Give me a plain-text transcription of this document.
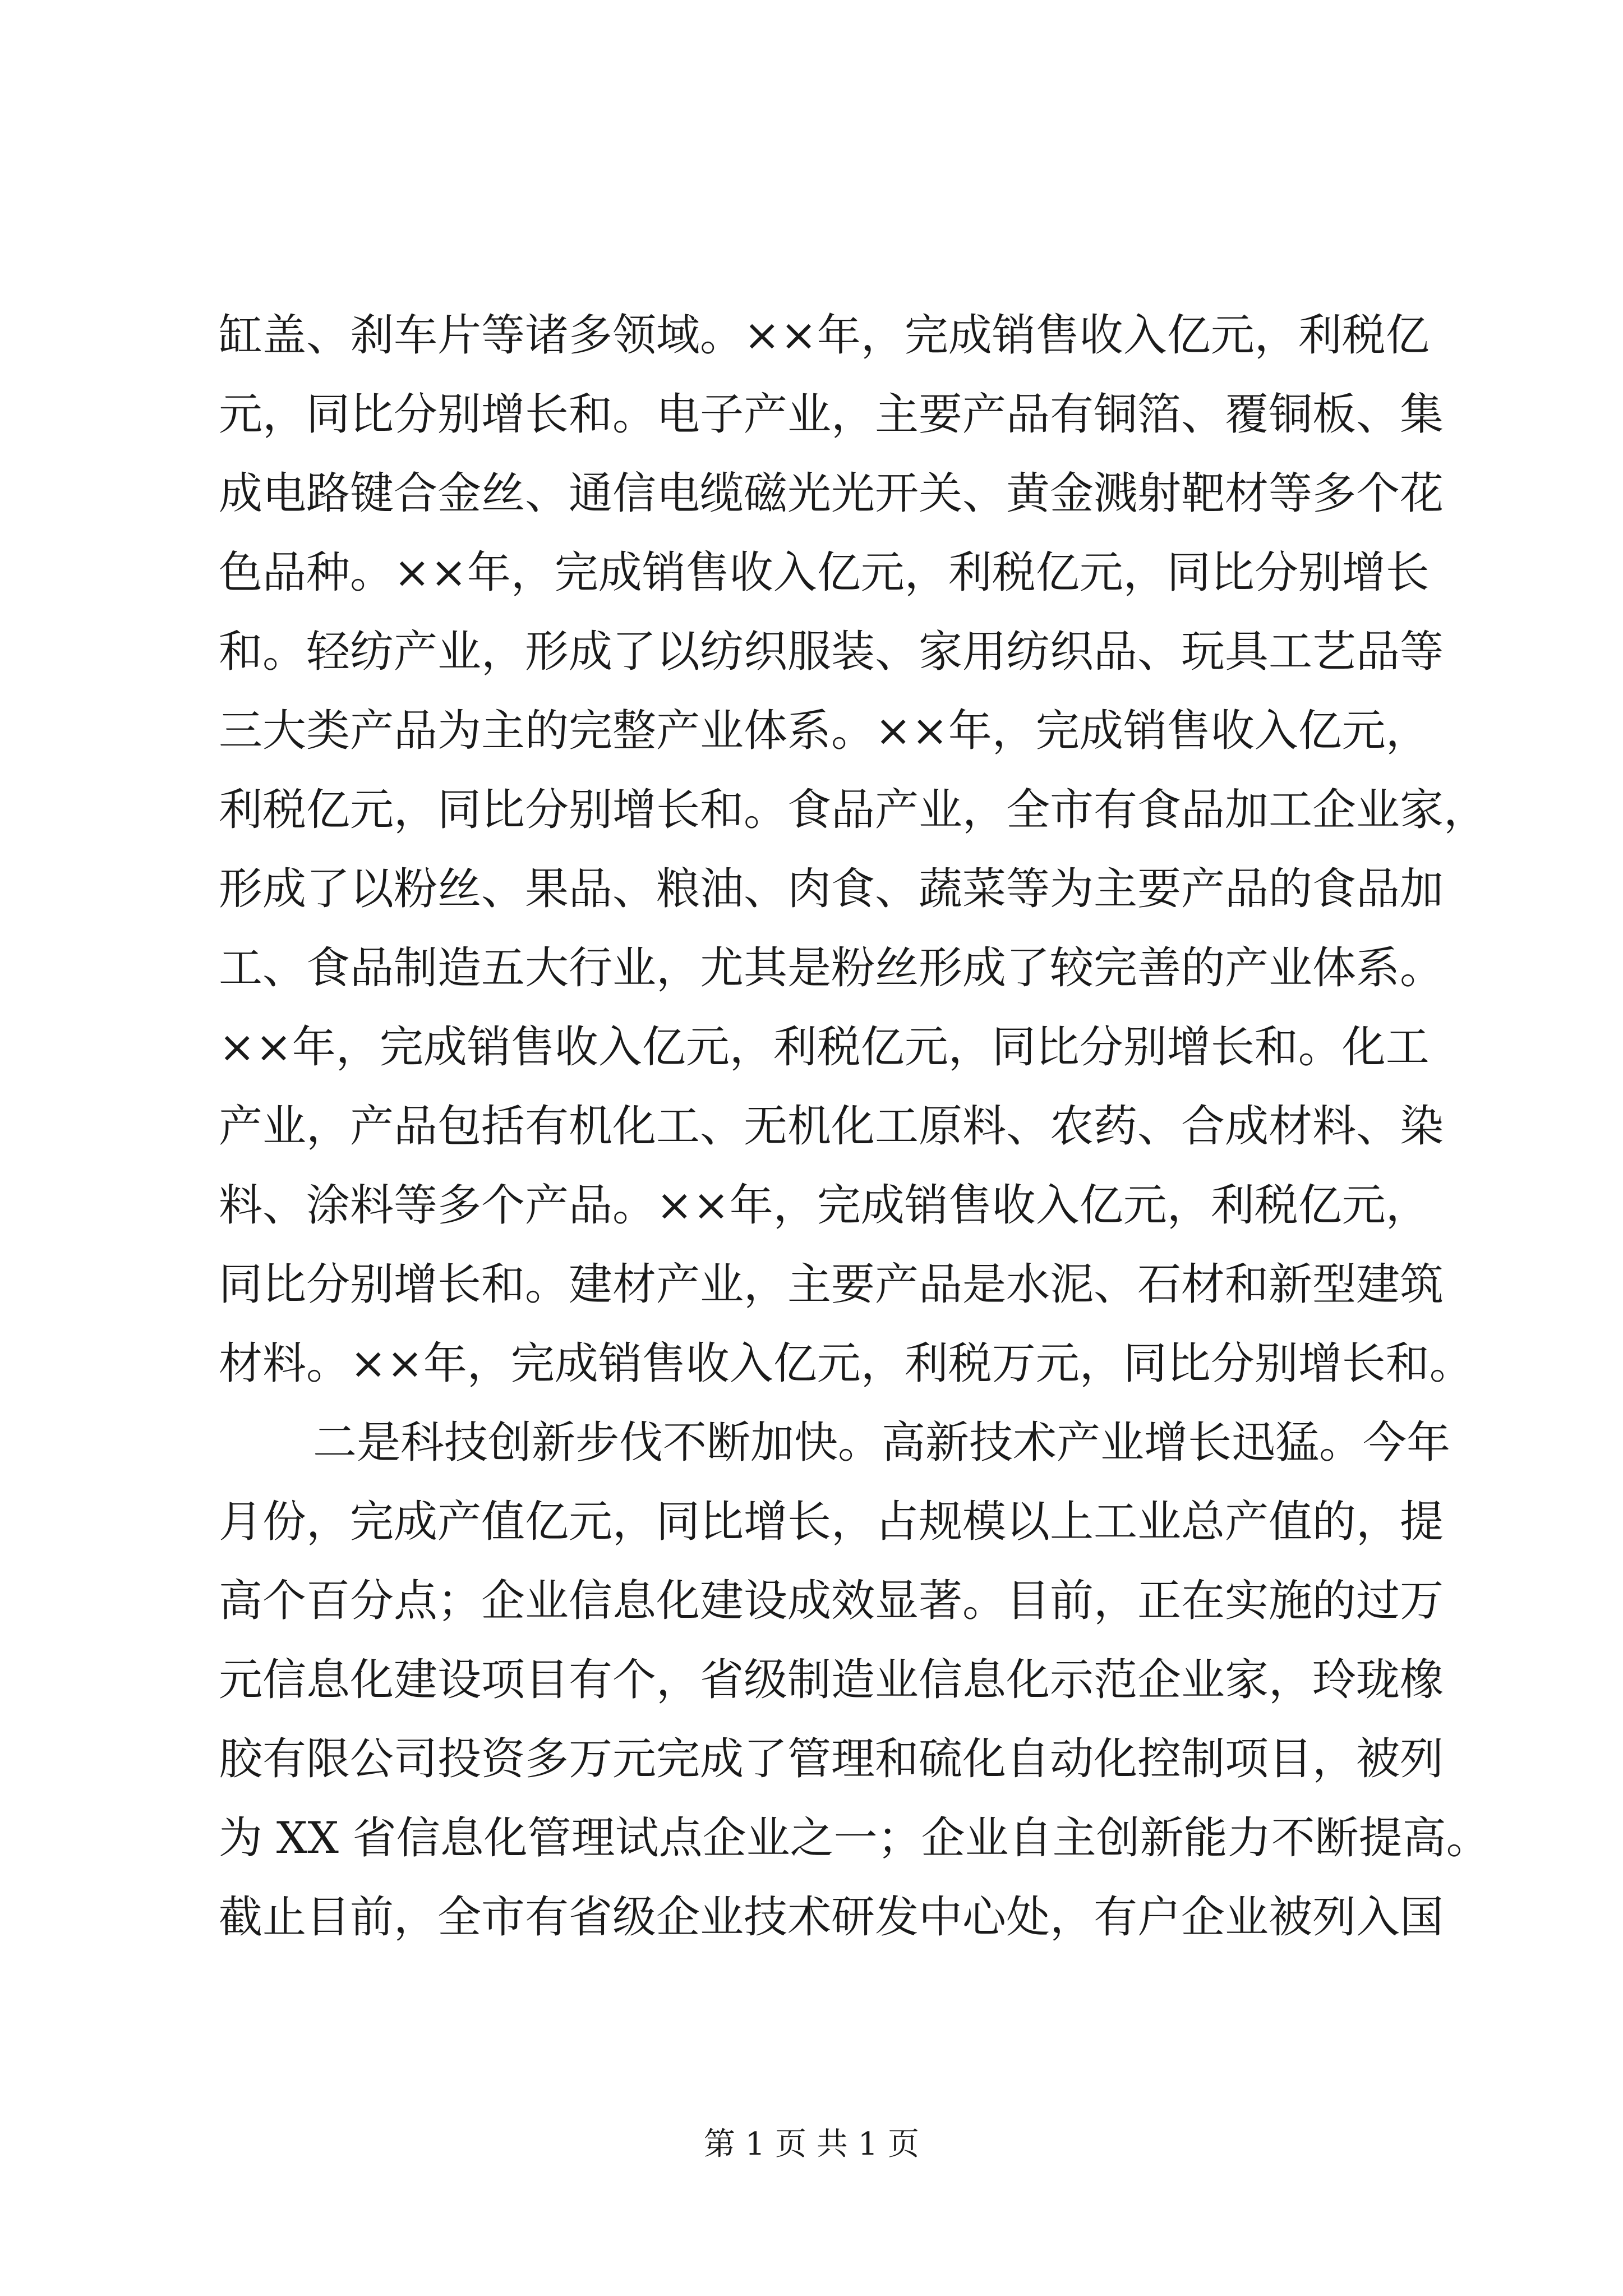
缸盖、刹车片等诸多领域。××年，完成销售收入亿元，利税亿
元，同比分别增长和。电子产业，主要产品有铜箔、覆铜板、集
成电路键合金丝、通信电缆磁光光开关、黄金溅射靶材等多个花
色品种。××年，完成销售收入亿元，利税亿元，同比分别增长
和。轻纺产业，形成了以纺织服装、家用纺织品、玩具工艺品等
三大类产品为主的完整产业体系。××年，完成销售收入亿元，
利税亿元，同比分别增长和。食品产业，全市有食品加工企业家，
形成了以粉丝、果品、粮油、肉食、蔬菜等为主要产品的食品加
工、食品制造五大行业，尤其是粉丝形成了较完善的产业体系。
××年，完成销售收入亿元，利税亿元，同比分别增长和。化工
产业，产品包括有机化工、无机化工原料、农药、合成材料、染
料、涂料等多个产品。××年，完成销售收入亿元，利税亿元，
同比分别增长和。建材产业，主要产品是水泥、石材和新型建筑
材料。××年，完成销售收入亿元，利税万元，同比分别增长和。
二是科技创新步伐不断加快。高新技术产业增长迅猛。今年
月份，完成产值亿元，同比增长，占规模以上工业总产值的，提
高个百分点；企业信息化建设成效显著。目前，正在实施的过万
元信息化建设项目有个，省级制造业信息化示范企业家，玲珑橡
胶有限公司投资多万元完成了管理和硫化自动化控制项目，被列
为 XX 省信息化管理试点企业之一；企业自主创新能力不断提高。
截止目前，全市有省级企业技术研发中心处，有户企业被列入国
第 1 页 共 1 页
